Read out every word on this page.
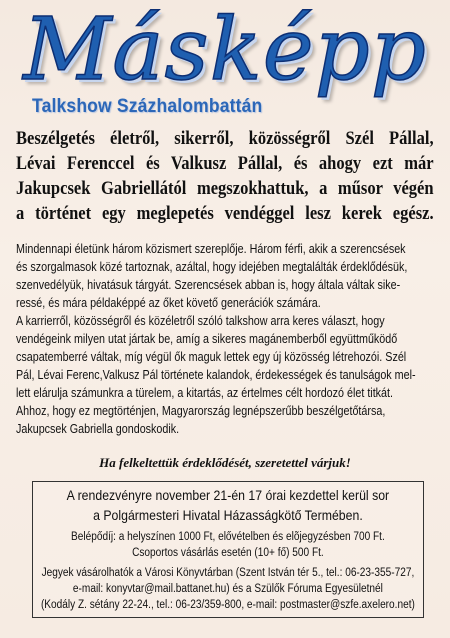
Másképp
Talkshow Százhalombattán
Beszélgetés életről, sikerről, közösségről Szél Pállal,
Lévai Ferenccel és Valkusz Pállal, és ahogy ezt már
Jakupcsek Gabriellától megszokhattuk, a műsor végén
a történet egy meglepetés vendéggel lesz kerek egész.
Mindennapi életünk három közismert szereplője. Három férfi, akik a szerencsések
és szorgalmasok közé tartoznak, azáltal, hogy idejében megtalálták érdeklődésük,
szenvedélyük, hivatásuk tárgyát. Szerencsések abban is, hogy általa váltak sike-
ressé, és mára példaképpé az őket követő generációk számára.
A karrierről, közösségről és közéletről szóló talkshow arra keres választ, hogy
vendégeink milyen utat jártak be, amíg a sikeres magánemberből együttműködő
csapatemberré váltak, míg végül ők maguk lettek egy új közösség létrehozói. Szél
Pál, Lévai Ferenc,Valkusz Pál története kalandok, érdekességek és tanulságok mel-
lett elárulja számunkra a türelem, a kitartás, az értelmes célt hordozó élet titkát.
Ahhoz, hogy ez megtörténjen, Magyarország legnépszerűbb beszélgetőtársa,
Jakupcsek Gabriella gondoskodik.
Ha felkeltettük érdeklődését, szeretettel várjuk!
A rendezvényre november 21-én 17 órai kezdettel kerül sor
a Polgármesteri Hivatal Házasságkötő Termében.
Belépődíj: a helyszínen 1000 Ft, elővételben és elõjegyzésben 700 Ft.
Csoportos vásárlás esetén (10+ fő) 500 Ft.
Jegyek vásárolhatók a Városi Könyvtárban (Szent István tér 5., tel.: 06-23-355-727,
e-mail: konyvtar@mail.battanet.hu) és a Szülők Fóruma Egyesületnél
(Kodály Z. sétány 22-24., tel.: 06-23/359-800, e-mail: postmaster@szfe.axelero.net)
